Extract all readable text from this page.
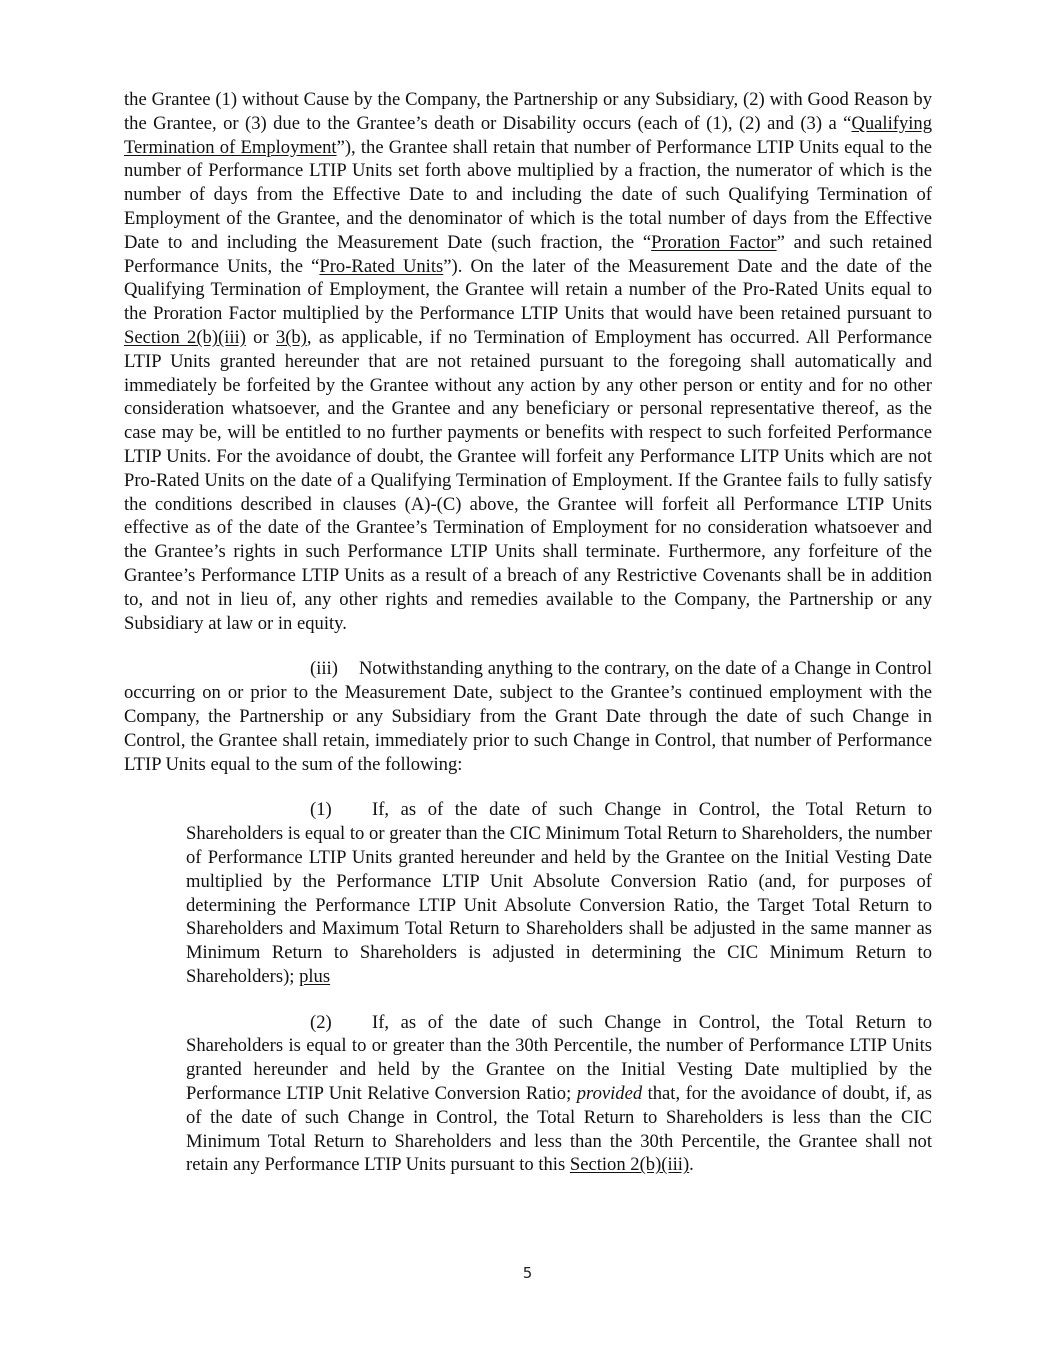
the Grantee (1) without Cause by the Company, the Partnership or any Subsidiary, (2) with Good Reason by the Grantee, or (3) due to the Grantee’s death or Disability occurs (each of (1), (2) and (3) a “Qualifying Termination of Employment”), the Grantee shall retain that number of Performance LTIP Units equal to the number of Performance LTIP Units set forth above multiplied by a fraction, the numerator of which is the number of days from the Effective Date to and including the date of such Qualifying Termination of Employment of the Grantee, and the denominator of which is the total number of days from the Effective Date to and including the Measurement Date (such fraction, the “Proration Factor” and such retained Performance Units, the “Pro-Rated Units”). On the later of the Measurement Date and the date of the Qualifying Termination of Employment, the Grantee will retain a number of the Pro-Rated Units equal to the Proration Factor multiplied by the Performance LTIP Units that would have been retained pursuant to Section 2(b)(iii) or 3(b), as applicable, if no Termination of Employment has occurred. All Performance LTIP Units granted hereunder that are not retained pursuant to the foregoing shall automatically and immediately be forfeited by the Grantee without any action by any other person or entity and for no other consideration whatsoever, and the Grantee and any beneficiary or personal representative thereof, as the case may be, will be entitled to no further payments or benefits with respect to such forfeited Performance LTIP Units. For the avoidance of doubt, the Grantee will forfeit any Performance LITP Units which are not Pro-Rated Units on the date of a Qualifying Termination of Employment. If the Grantee fails to fully satisfy the conditions described in clauses (A)-(C) above, the Grantee will forfeit all Performance LTIP Units effective as of the date of the Grantee’s Termination of Employment for no consideration whatsoever and the Grantee’s rights in such Performance LTIP Units shall terminate. Furthermore, any forfeiture of the Grantee’s Performance LTIP Units as a result of a breach of any Restrictive Covenants shall be in addition to, and not in lieu of, any other rights and remedies available to the Company, the Partnership or any Subsidiary at law or in equity.

(iii) Notwithstanding anything to the contrary, on the date of a Change in Control occurring on or prior to the Measurement Date, subject to the Grantee’s continued employment with the Company, the Partnership or any Subsidiary from the Grant Date through the date of such Change in Control, the Grantee shall retain, immediately prior to such Change in Control, that number of Performance LTIP Units equal to the sum of the following:

(1) If, as of the date of such Change in Control, the Total Return to Shareholders is equal to or greater than the CIC Minimum Total Return to Shareholders, the number of Performance LTIP Units granted hereunder and held by the Grantee on the Initial Vesting Date multiplied by the Performance LTIP Unit Absolute Conversion Ratio (and, for purposes of determining the Performance LTIP Unit Absolute Conversion Ratio, the Target Total Return to Shareholders and Maximum Total Return to Shareholders shall be adjusted in the same manner as Minimum Return to Shareholders is adjusted in determining the CIC Minimum Return to Shareholders); plus

(2) If, as of the date of such Change in Control, the Total Return to Shareholders is equal to or greater than the 30th Percentile, the number of Performance LTIP Units granted hereunder and held by the Grantee on the Initial Vesting Date multiplied by the Performance LTIP Unit Relative Conversion Ratio; provided that, for the avoidance of doubt, if, as of the date of such Change in Control, the Total Return to Shareholders is less than the CIC Minimum Total Return to Shareholders and less than the 30th Percentile, the Grantee shall not retain any Performance LTIP Units pursuant to this Section 2(b)(iii).

5
